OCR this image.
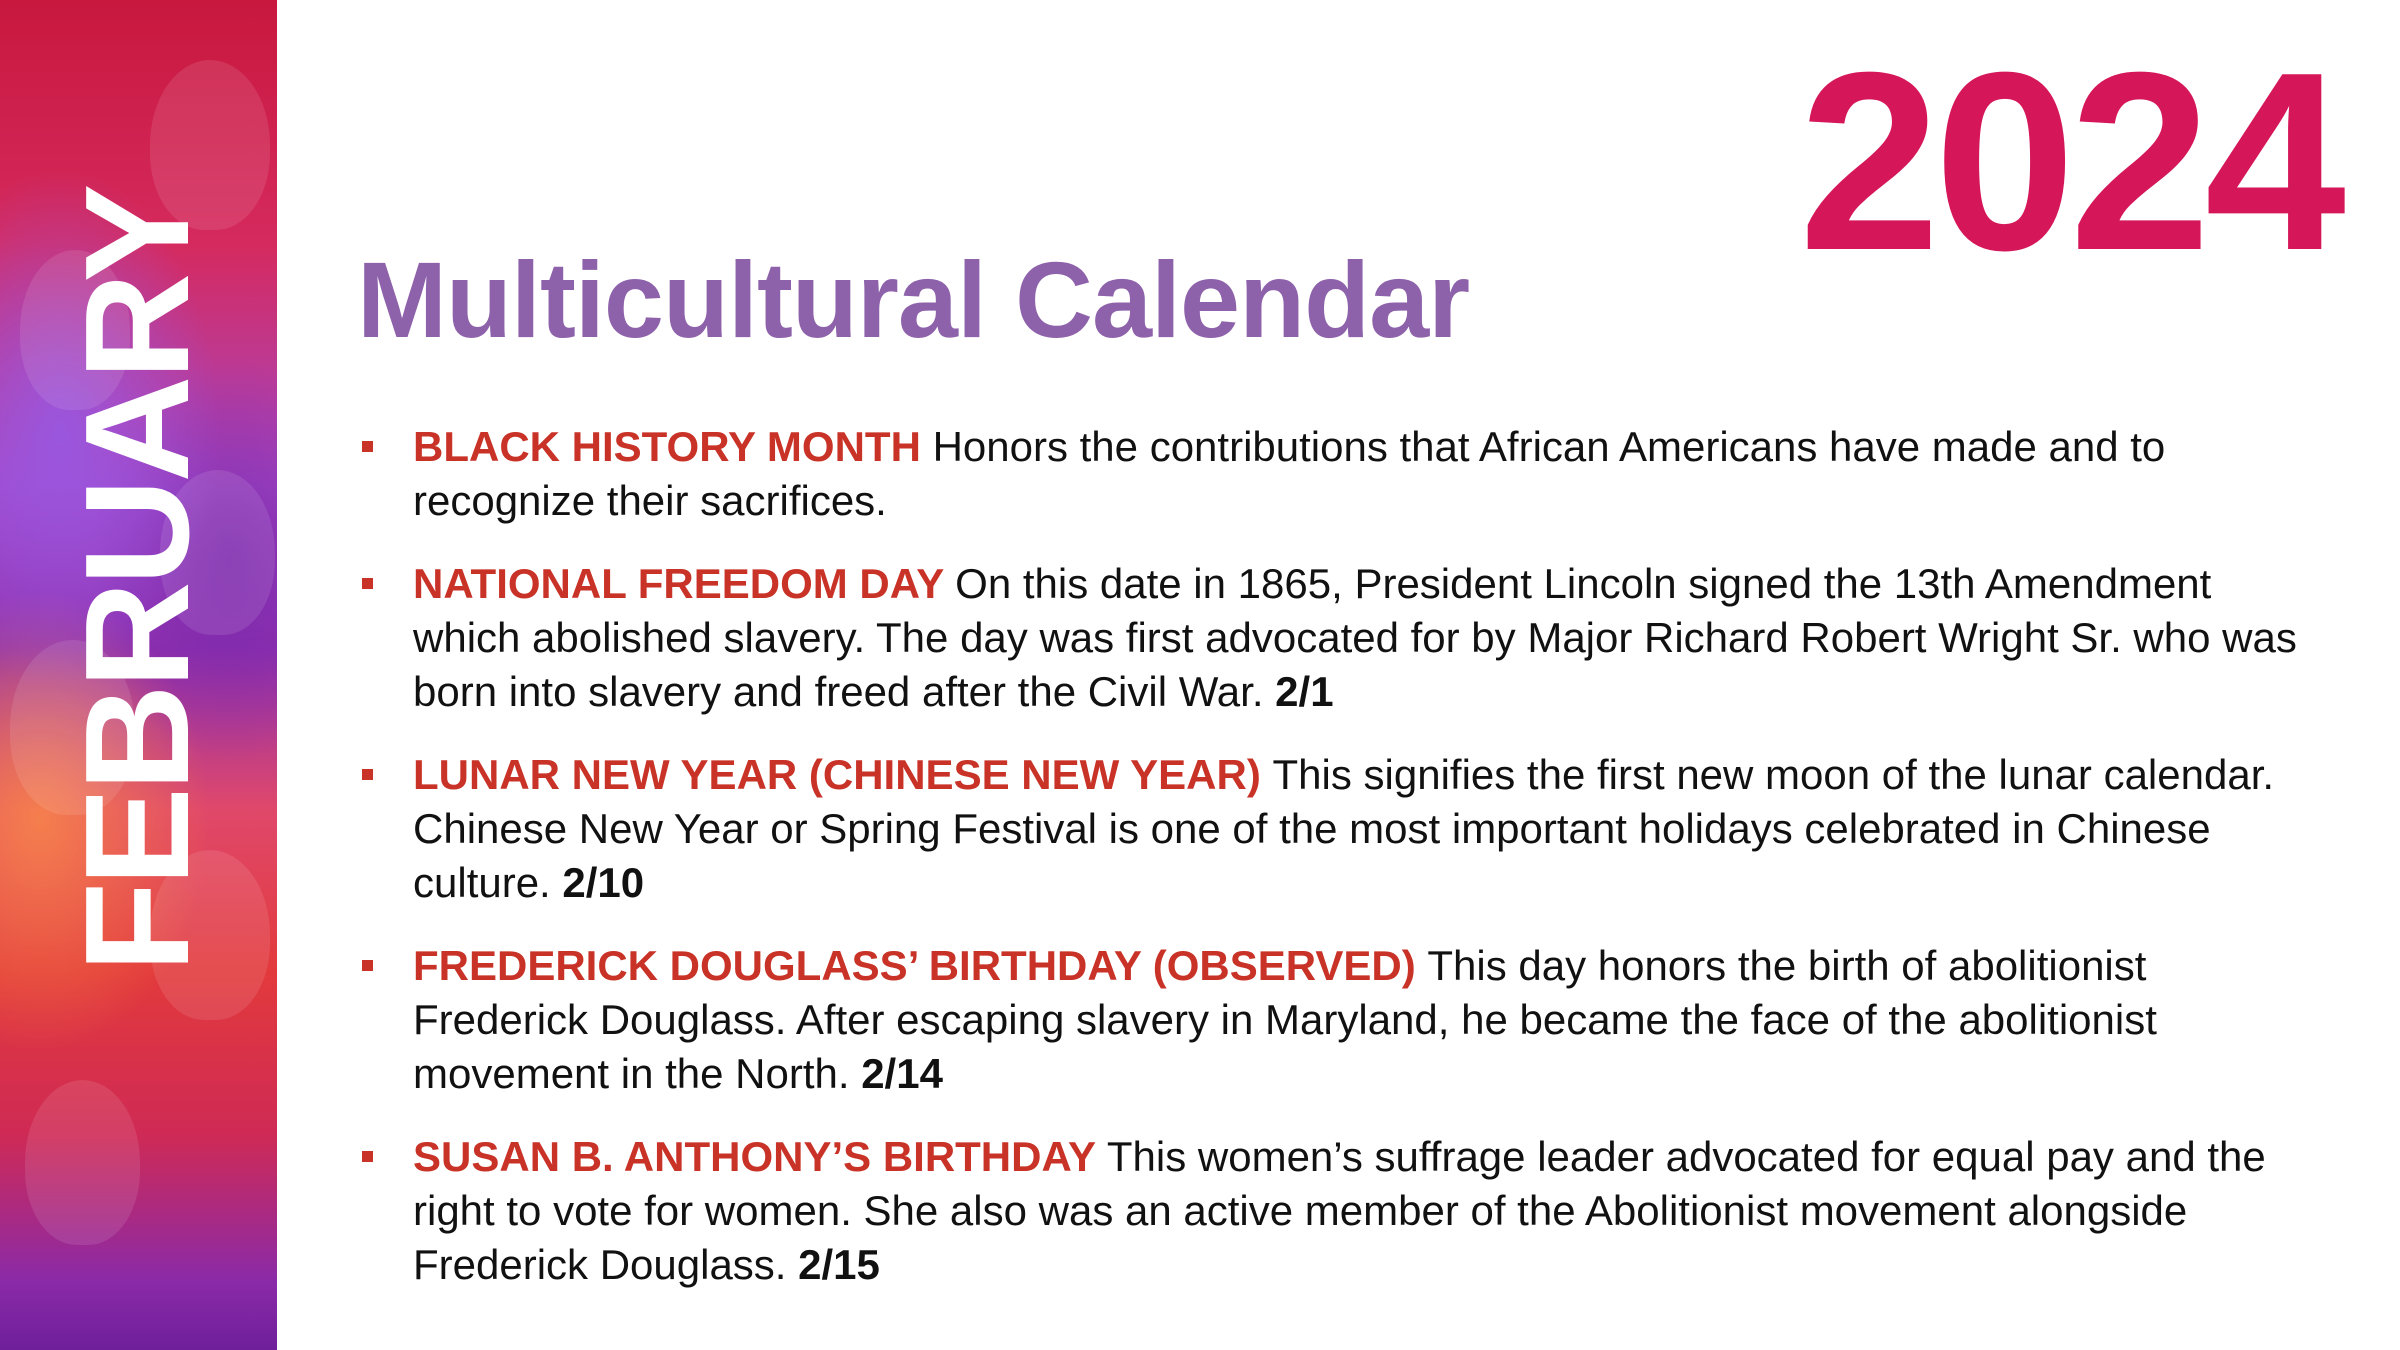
FEBRUARY
2024
Multicultural Calendar
BLACK HISTORY MONTH Honors the contributions that African Americans have made and to recognize their sacrifices.
NATIONAL FREEDOM DAY On this date in 1865, President Lincoln signed the 13th Amendment which abolished slavery. The day was first advocated for by Major Richard Robert Wright Sr. who was born into slavery and freed after the Civil War. 2/1
LUNAR NEW YEAR (CHINESE NEW YEAR) This signifies the first new moon of the lunar calendar. Chinese New Year or Spring Festival is one of the most important holidays celebrated in Chinese culture. 2/10
FREDERICK DOUGLASS’ BIRTHDAY (OBSERVED) This day honors the birth of abolitionist Frederick Douglass. After escaping slavery in Maryland, he became the face of the abolitionist movement in the North. 2/14
SUSAN B. ANTHONY’S BIRTHDAY This women’s suffrage leader advocated for equal pay and the right to vote for women. She also was an active member of the Abolitionist movement alongside Frederick Douglass. 2/15
